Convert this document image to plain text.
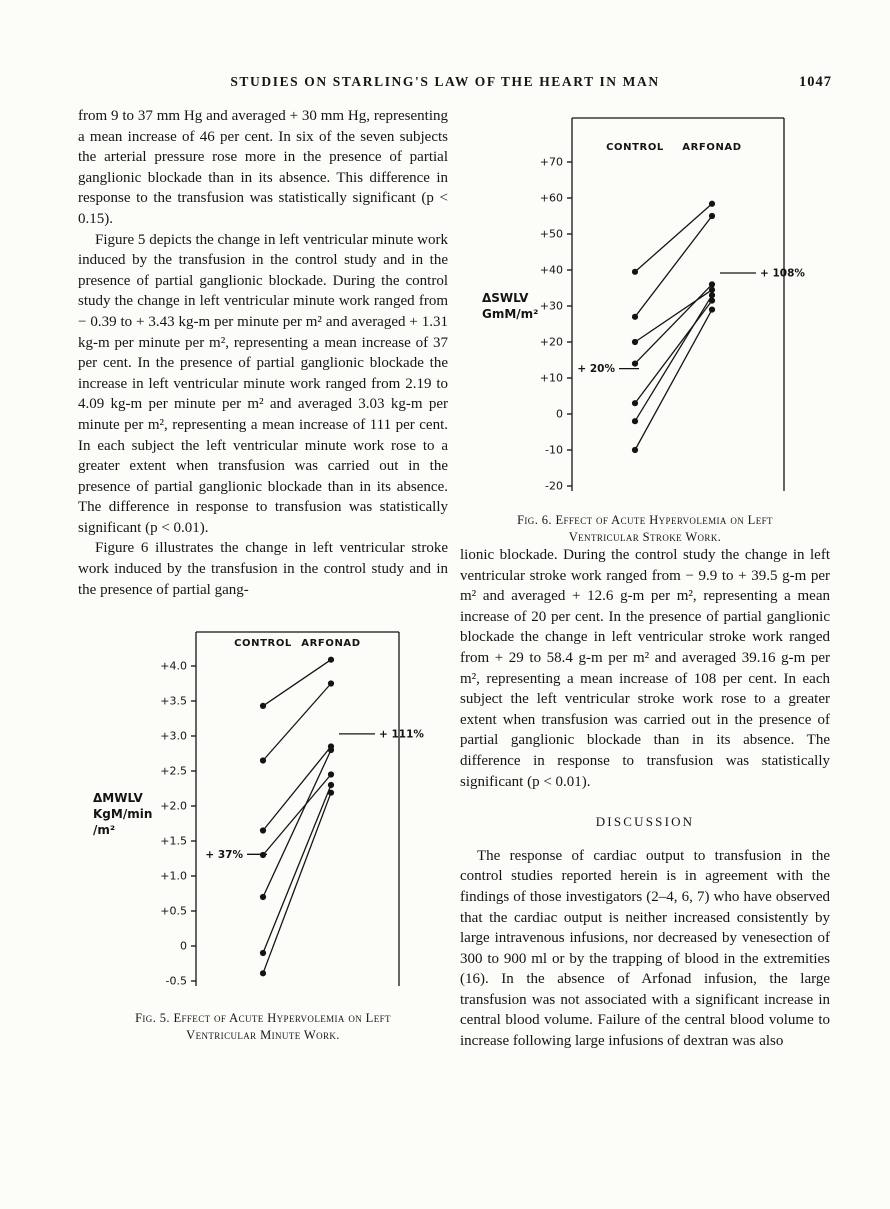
STUDIES ON STARLING'S LAW OF THE HEART IN MAN	1047

from 9 to 37 mm Hg and averaged + 30 mm Hg, representing a mean increase of 46 per cent. In six of the seven subjects the arterial pressure rose more in the presence of partial ganglionic blockade than in its absence. This difference in response to the transfusion was statistically significant (p < 0.15).

Figure 5 depicts the change in left ventricular minute work induced by the transfusion in the control study and in the presence of partial ganglionic blockade. During the control study the change in left ventricular minute work ranged from − 0.39 to + 3.43 kg-m per minute per m² and averaged + 1.31 kg-m per minute per m², representing a mean increase of 37 per cent. In the presence of partial ganglionic blockade the increase in left ventricular minute work ranged from 2.19 to 4.09 kg-m per minute per m² and averaged 3.03 kg-m per minute per m², representing a mean increase of 111 per cent. In each subject the left ventricular minute work rose to a greater extent when transfusion was carried out in the presence of partial ganglionic blockade than in its absence. The difference in response to transfusion was statistically significant (p < 0.01).

Figure 6 illustrates the change in left ventricular stroke work induced by the transfusion in the control study and in the presence of partial gang-

+4.0
+3.5
+3.0
+2.5
+2.0
+1.5
+1.0
+0.5
0
-0.5
CONTROL ARFONAD
ΔMWLV
KgM/min
/m²
+ 37%
+ 111%
Fig. 5. Effect of Acute Hypervolemia on Left Ventricular Minute Work.
+70
+60
+50
+40
+30
+20
+10
0
-10
-20
CONTROL ARFONAD
ΔSWLV
GmM/m²
+ 20%
+ 108%
Fig. 6. Effect of Acute Hypervolemia on Left Ventricular Stroke Work.

lionic blockade. During the control study the change in left ventricular stroke work ranged from − 9.9 to + 39.5 g-m per m² and averaged + 12.6 g-m per m², representing a mean increase of 20 per cent. In the presence of partial ganglionic blockade the change in left ventricular stroke work ranged from + 29 to 58.4 g-m per m² and averaged 39.16 g-m per m², representing a mean increase of 108 per cent. In each subject the left ventricular stroke work rose to a greater extent when transfusion was carried out in the presence of partial ganglionic blockade than in its absence. The difference in response to transfusion was statistically significant (p < 0.01).

DISCUSSION

The response of cardiac output to transfusion in the control studies reported herein is in agreement with the findings of those investigators (2–4, 6, 7) who have observed that the cardiac output is neither increased consistently by large intravenous infusions, nor decreased by venesection of 300 to 900 ml or by the trapping of blood in the extremities (16). In the absence of Arfonad infusion, the large transfusion was not associated with a significant increase in central blood volume. Failure of the central blood volume to increase following large infusions of dextran was also
